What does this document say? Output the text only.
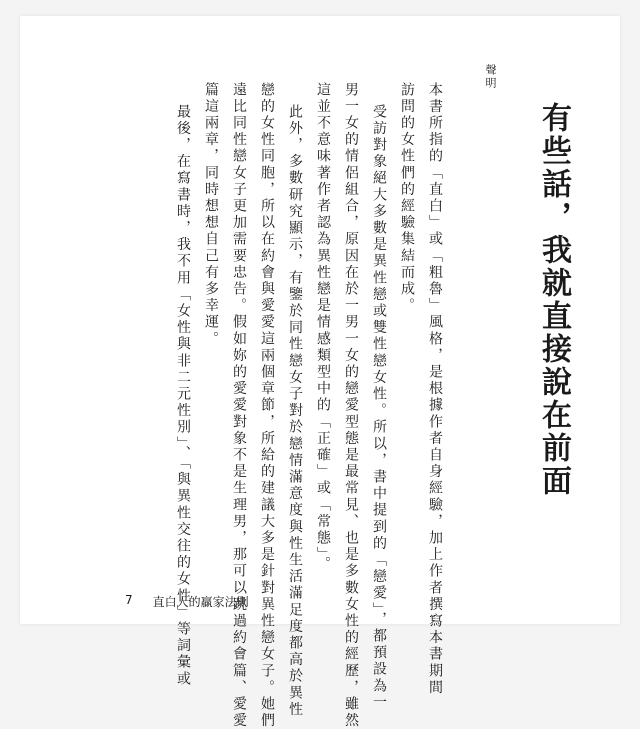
聲明
有些話，我就直接說在前面
本書所指的「直白」或「粗魯」風格，是根據作者自身經驗，加上作者撰寫本書期間
訪問的女性們的經驗集結而成。
受訪對象絕大多數是異性戀或雙性戀女性。所以，書中提到的「戀愛」，都預設為一
男一女的情侶組合，原因在於一男一女的戀愛型態是最常見、也是多數女性的經歷，雖然
這並不意味著作者認為異性戀是情感類型中的「正確」或「常態」。
此外，多數研究顯示，有鑒於同性戀女子對於戀情滿意度與性生活滿足度都高於異性
戀的女性同胞，所以在約會與愛愛這兩個章節，所給的建議大多是針對異性戀女子。她們
遠比同性戀女子更加需要忠告。假如妳的愛愛對象不是生理男，那可以跳過約會篇、愛愛
篇這兩章，同時想想自己有多幸運。
最後，在寫書時，我不用「女性與非二元性別」、「與異性交往的女性」等詞彙或
7 直白人的贏家法則
